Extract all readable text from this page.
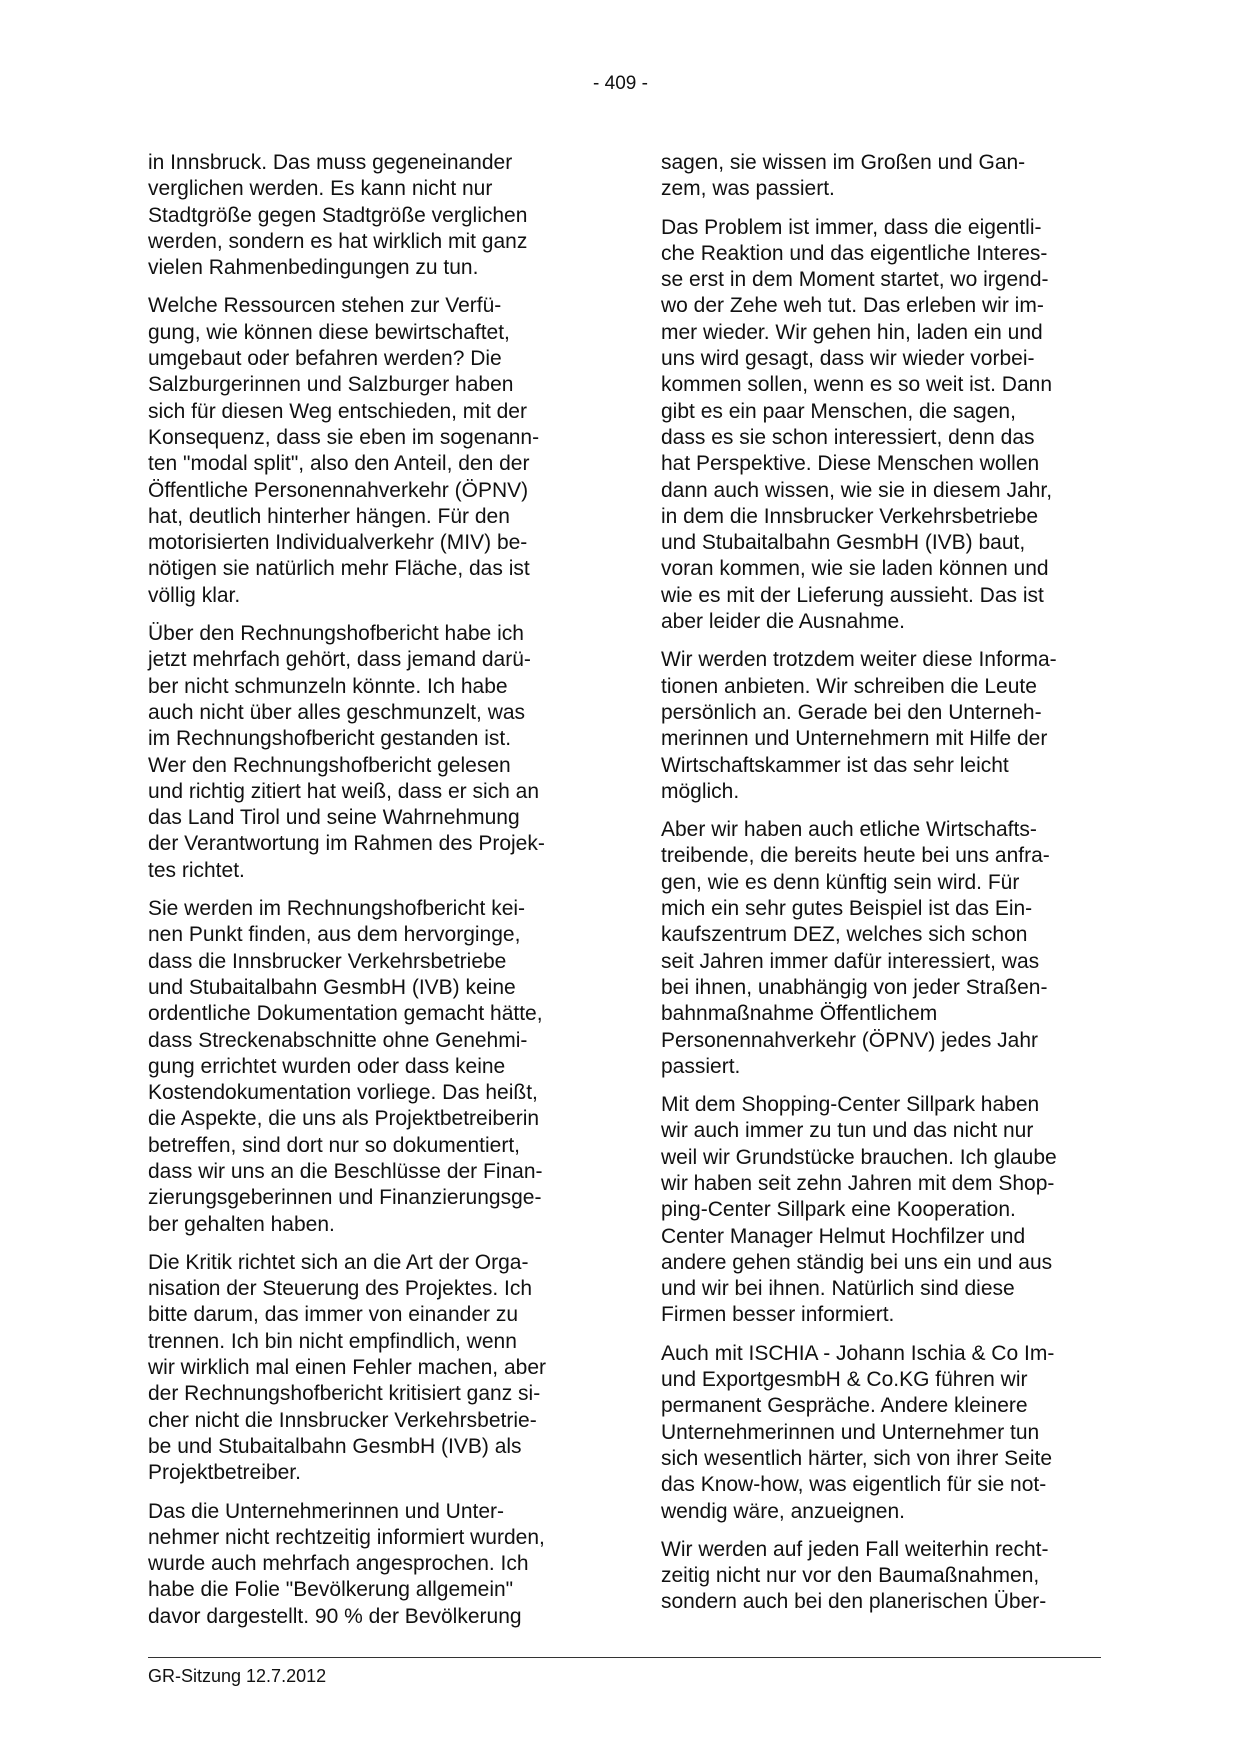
- 409 -
in Innsbruck. Das muss gegeneinander
verglichen werden. Es kann nicht nur
Stadtgröße gegen Stadtgröße verglichen
werden, sondern es hat wirklich mit ganz
vielen Rahmenbedingungen zu tun.
Welche Ressourcen stehen zur Verfü-
gung, wie können diese bewirtschaftet,
umgebaut oder befahren werden? Die
Salzburgerinnen und Salzburger haben
sich für diesen Weg entschieden, mit der
Konsequenz, dass sie eben im sogenann-
ten "modal split", also den Anteil, den der
Öffentliche Personennahverkehr (ÖPNV)
hat, deutlich hinterher hängen. Für den
motorisierten Individualverkehr (MIV) be-
nötigen sie natürlich mehr Fläche, das ist
völlig klar.
Über den Rechnungshofbericht habe ich
jetzt mehrfach gehört, dass jemand darü-
ber nicht schmunzeln könnte. Ich habe
auch nicht über alles geschmunzelt, was
im Rechnungshofbericht gestanden ist.
Wer den Rechnungshofbericht gelesen
und richtig zitiert hat weiß, dass er sich an
das Land Tirol und seine Wahrnehmung
der Verantwortung im Rahmen des Projek-
tes richtet.
Sie werden im Rechnungshofbericht kei-
nen Punkt finden, aus dem hervorginge,
dass die Innsbrucker Verkehrsbetriebe
und Stubaitalbahn GesmbH (IVB) keine
ordentliche Dokumentation gemacht hätte,
dass Streckenabschnitte ohne Genehmi-
gung errichtet wurden oder dass keine
Kostendokumentation vorliege. Das heißt,
die Aspekte, die uns als Projektbetreiberin
betreffen, sind dort nur so dokumentiert,
dass wir uns an die Beschlüsse der Finan-
zierungsgeberinnen und Finanzierungsge-
ber gehalten haben.
Die Kritik richtet sich an die Art der Orga-
nisation der Steuerung des Projektes. Ich
bitte darum, das immer von einander zu
trennen. Ich bin nicht empfindlich, wenn
wir wirklich mal einen Fehler machen, aber
der Rechnungshofbericht kritisiert ganz si-
cher nicht die Innsbrucker Verkehrsbetrie-
be und Stubaitalbahn GesmbH (IVB) als
Projektbetreiber.
Das die Unternehmerinnen und Unter-
nehmer nicht rechtzeitig informiert wurden,
wurde auch mehrfach angesprochen. Ich
habe die Folie "Bevölkerung allgemein"
davor dargestellt. 90 % der Bevölkerung
sagen, sie wissen im Großen und Gan-
zem, was passiert.
Das Problem ist immer, dass die eigentli-
che Reaktion und das eigentliche Interes-
se erst in dem Moment startet, wo irgend-
wo der Zehe weh tut. Das erleben wir im-
mer wieder. Wir gehen hin, laden ein und
uns wird gesagt, dass wir wieder vorbei-
kommen sollen, wenn es so weit ist. Dann
gibt es ein paar Menschen, die sagen,
dass es sie schon interessiert, denn das
hat Perspektive. Diese Menschen wollen
dann auch wissen, wie sie in diesem Jahr,
in dem die Innsbrucker Verkehrsbetriebe
und Stubaitalbahn GesmbH (IVB) baut,
voran kommen, wie sie laden können und
wie es mit der Lieferung aussieht. Das ist
aber leider die Ausnahme.
Wir werden trotzdem weiter diese Informa-
tionen anbieten. Wir schreiben die Leute
persönlich an. Gerade bei den Unterneh-
merinnen und Unternehmern mit Hilfe der
Wirtschaftskammer ist das sehr leicht
möglich.
Aber wir haben auch etliche Wirtschafts-
treibende, die bereits heute bei uns anfra-
gen, wie es denn künftig sein wird. Für
mich ein sehr gutes Beispiel ist das Ein-
kaufszentrum DEZ, welches sich schon
seit Jahren immer dafür interessiert, was
bei ihnen, unabhängig von jeder Straßen-
bahnmaßnahme Öffentlichem
Personennahverkehr (ÖPNV) jedes Jahr
passiert.
Mit dem Shopping-Center Sillpark haben
wir auch immer zu tun und das nicht nur
weil wir Grundstücke brauchen. Ich glaube
wir haben seit zehn Jahren mit dem Shop-
ping-Center Sillpark eine Kooperation.
Center Manager Helmut Hochfilzer und
andere gehen ständig bei uns ein und aus
und wir bei ihnen. Natürlich sind diese
Firmen besser informiert.
Auch mit ISCHIA - Johann Ischia & Co Im-
und ExportgesmbH & Co.KG führen wir
permanent Gespräche. Andere kleinere
Unternehmerinnen und Unternehmer tun
sich wesentlich härter, sich von ihrer Seite
das Know-how, was eigentlich für sie not-
wendig wäre, anzueignen.
Wir werden auf jeden Fall weiterhin recht-
zeitig nicht nur vor den Baumaßnahmen,
sondern auch bei den planerischen Über-
GR-Sitzung 12.7.2012
